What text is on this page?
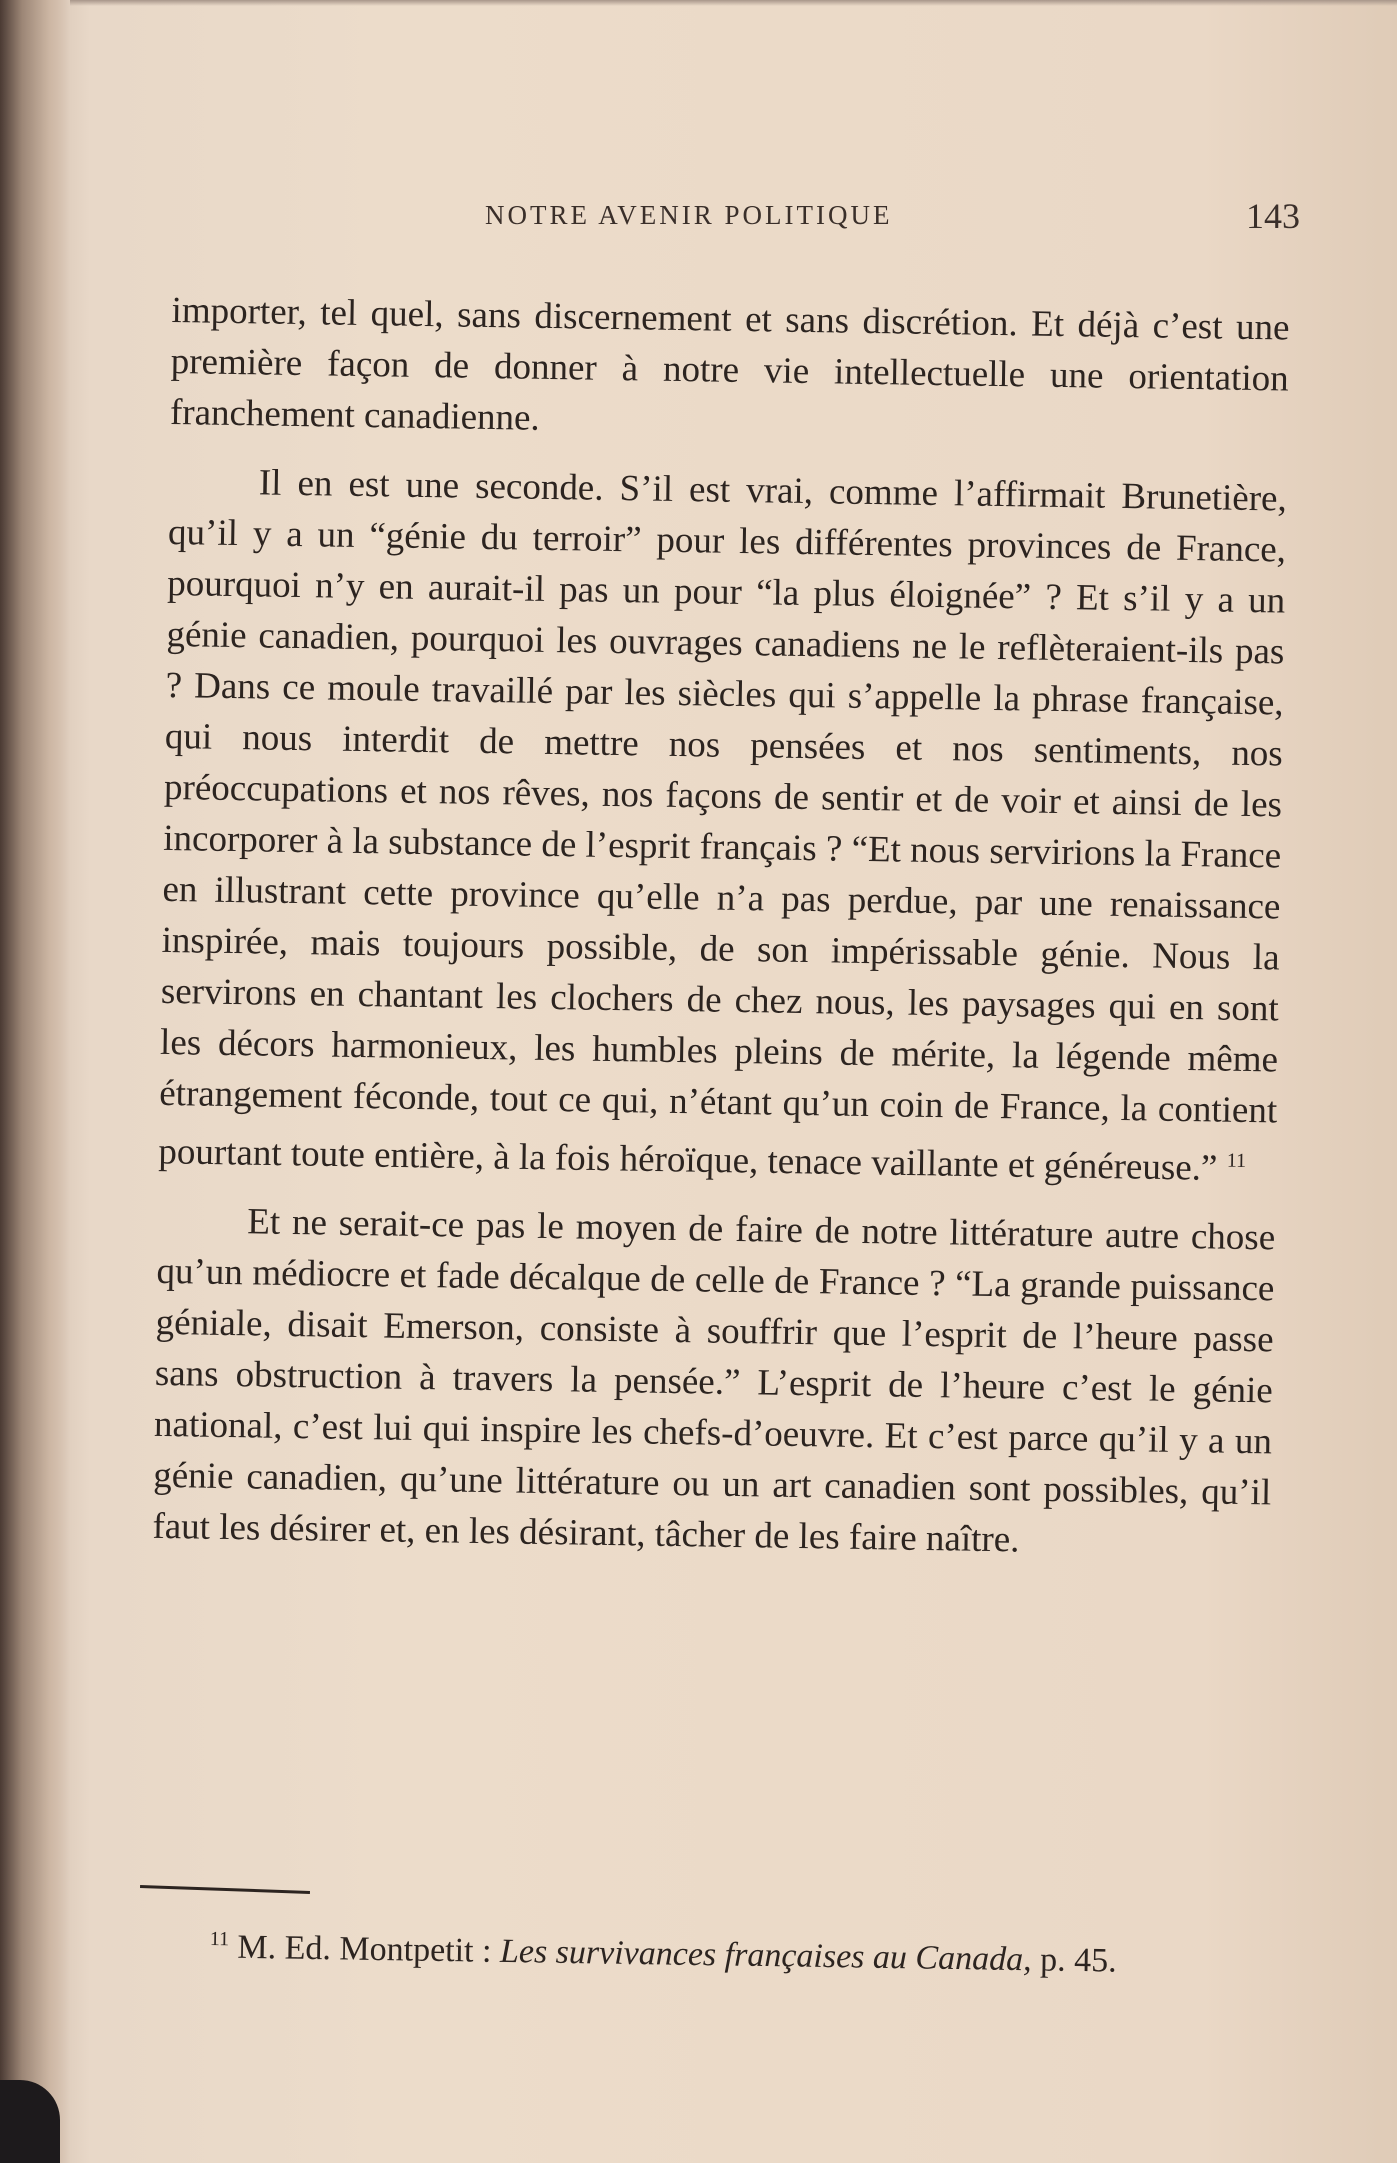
NOTRE AVENIR POLITIQUE	143

importer, tel quel, sans discernement et sans discrétion. Et déjà c’est une première façon de donner à notre vie intellectuelle une orientation franchement canadienne.

Il en est une seconde. S’il est vrai, comme l’affirmait Brunetière, qu’il y a un “génie du terroir” pour les différentes provinces de France, pourquoi n’y en aurait-il pas un pour “la plus éloignée” ? Et s’il y a un génie canadien, pourquoi les ouvrages canadiens ne le reflèteraient-ils pas ? Dans ce moule travaillé par les siècles qui s’appelle la phrase française, qui nous interdit de mettre nos pensées et nos sentiments, nos préoccupations et nos rêves, nos façons de sentir et de voir et ainsi de les incorporer à la substance de l’esprit français ? “Et nous servirions la France en illustrant cette province qu’elle n’a pas perdue, par une renaissance inspirée, mais toujours possible, de son impérissable génie. Nous la servirons en chantant les clochers de chez nous, les paysages qui en sont les décors harmonieux, les humbles pleins de mérite, la légende même étrangement féconde, tout ce qui, n’étant qu’un coin de France, la contient pourtant toute entière, à la fois héroïque, tenace vaillante et généreuse.” $^{11}$

Et ne serait-ce pas le moyen de faire de notre littérature autre chose qu’un médiocre et fade décalque de celle de France ? “La grande puissance géniale, disait Emerson, consiste à souffrir que l’esprit de l’heure passe sans obstruction à travers la pensée.” L’esprit de l’heure c’est le génie national, c’est lui qui inspire les chefs-d’oeuvre. Et c’est parce qu’il y a un génie canadien, qu’une littérature ou un art canadien sont possibles, qu’il faut les désirer et, en les désirant, tâcher de les faire naître.

$^{11}$ M. Ed. Montpetit : Les survivances françaises au Canada, p. 45.
